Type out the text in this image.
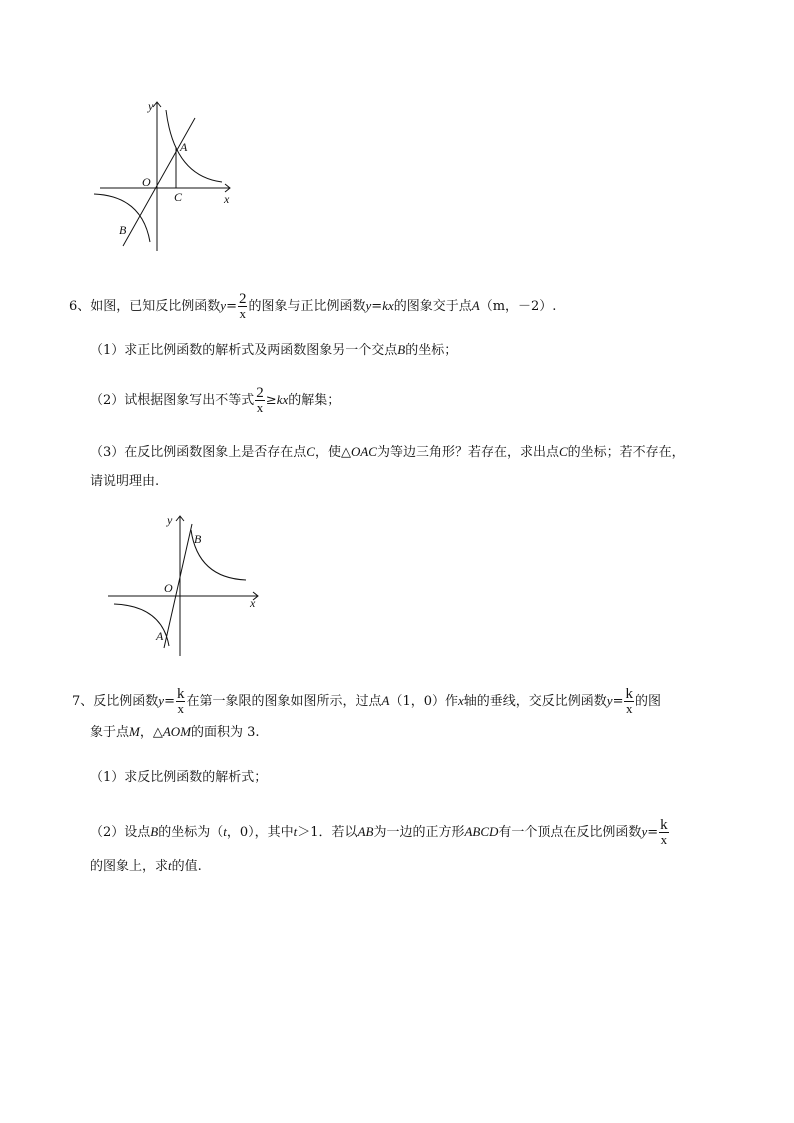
y
x
O
A
C
B
6、如图，已知反比例函数$y= \frac{2}{x}$ 的图象与正比例函数y=kx的图象交于点A（m，－2）.
（1）求正比例函数的解析式及两函数图象另一个交点B的坐标；
（2）试根据图象写出不等式 $\frac{2}{x} \ge kx$的解集；
（3）在反比例函数图象上是否存在点C，使△OAC为等边三角形？若存在，求出点C的坐标；若不存在，
请说明理由.
y
x
O
B
A
7、反比例函数$y= \frac{k}{x}$ 在第一象限的图象如图所示，过点A（1，0）作x轴的垂线，交反比例函数$y= \frac{k}{x}$ 的图
象于点M，△AOM的面积为 3.
（1）求反比例函数的解析式；
（2）设点B的坐标为（t，0），其中t＞1．若以AB为一边的正方形ABCD有一个顶点在反比例函数$y= \frac{k}{x}$
的图象上，求t的值.
